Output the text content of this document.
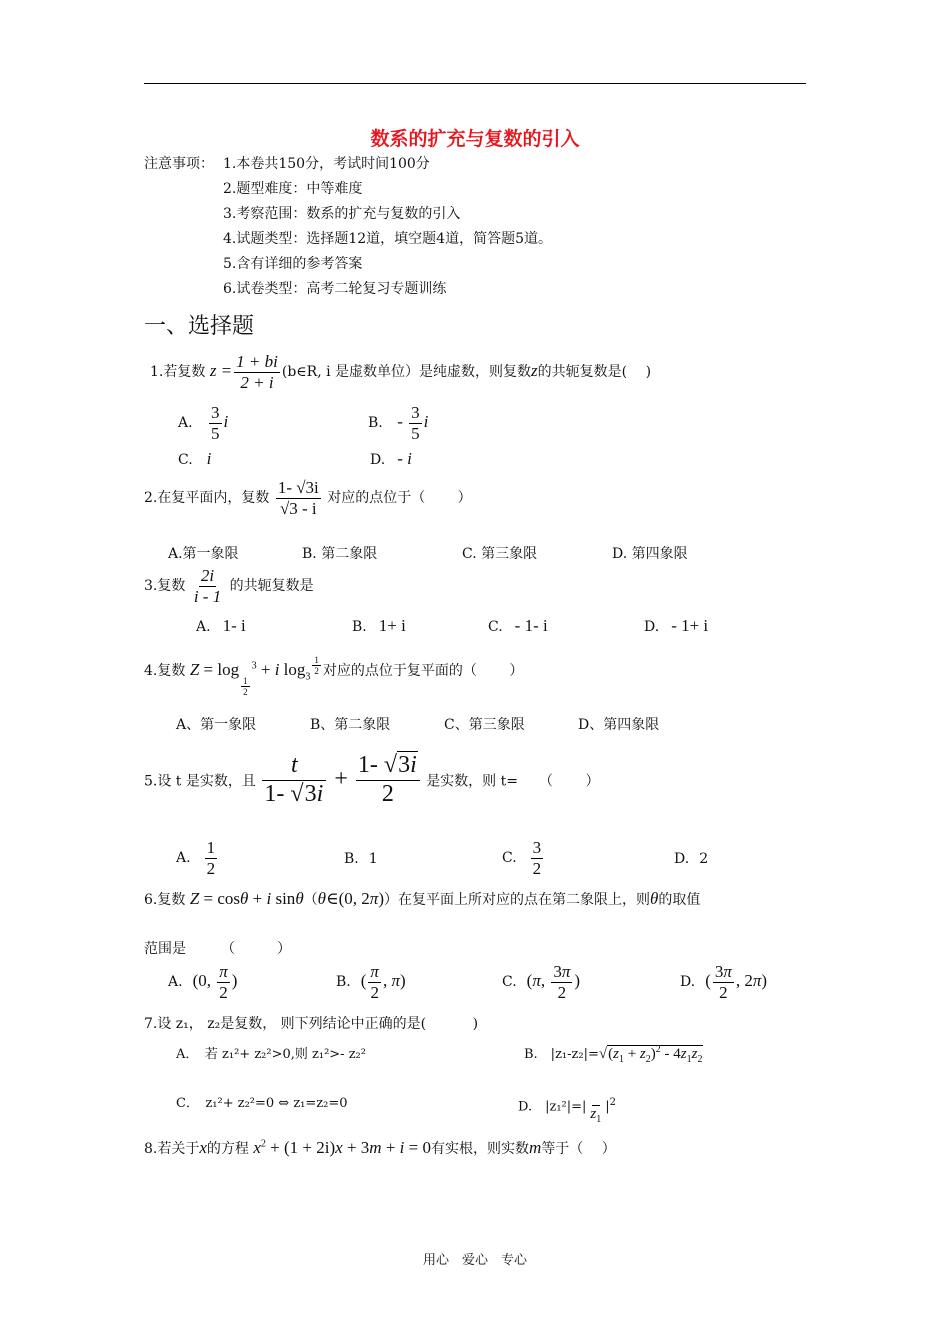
数系的扩充与复数的引入
注意事项： 1.本卷共150分，考试时间100分
2.题型难度：中等难度
3.考察范围：数系的扩充与复数的引入
4.试题类型：选择题12道，填空题4道，简答题5道。
5.含有详细的参考答案
6.试卷类型：高考二轮复习专题训练
一、选择题
1.若复数 $z = \frac{1 + bi}{2 + i}$ (b∈R, i 是虚数单位）是纯虚数，则复数z的共轭复数是(　 )
A. $\frac{3}{5}$ i	B. - $\frac{3}{5}$ i
C. i	D. - i
2.在复平面内，复数 $\frac{1- √3i}{√3 - i}$ 对应的点位于（　　 ）
A.第一象限	B. 第二象限	C. 第三象限	D. 第四象限
3.复数 $\frac{2i}{i - 1}$ 的共轭复数是
A. 1- i	B. 1+ i	C. - 1- i	D. - 1+ i
4.复数 Z = log
$_{\frac{1}{2}}$
$^3$ + i $\log_3 ^{\frac{1}{2}}$ 对应的点位于复平面的（　　 ）
A、第一象限	B、第二象限	C、第三象限	D、第四象限
5.设 t 是实数，且 $\frac{t}{1- √3i} + \frac{1- √3i}{2}$ 是实数，则 t=　　（　　 ）
A. $\frac{1}{2}$	B. 1	C. $\frac{3}{2}$	D. 2
6.复数 Z = cosθ + i sinθ（θ∈(0, 2π)）在复平面上所对应的点在第二象限上，则θ的取值
范围是　　　（　　　）
A. (0, $\frac{\pi}{2}$ )	B. ( $\frac{\pi}{2}$ , π)	C. (π, $\frac{3\pi}{2}$ )	D. ( $\frac{3\pi}{2}$ , 2π)
7.设 z₁， z₂是复数， 则下列结论中正确的是(　　　 )
A．　若 z₁²+ z₂²>0,则 z₁²>- z₂²	B.　$|z_1-z_2|=√(z_1 + z_2)^2 - 4z_1z_2$
C．　z₁²+ z₂²=0 ⇔ z₁=z₂=0	D.　|z₁²|=|
$z_1$
$|^2$
8.若关于x的方程 $x^2 + (1 + 2i)x + 3m + i = 0$有实根，则实数m等于（　 ）
用心　爱心　专心
